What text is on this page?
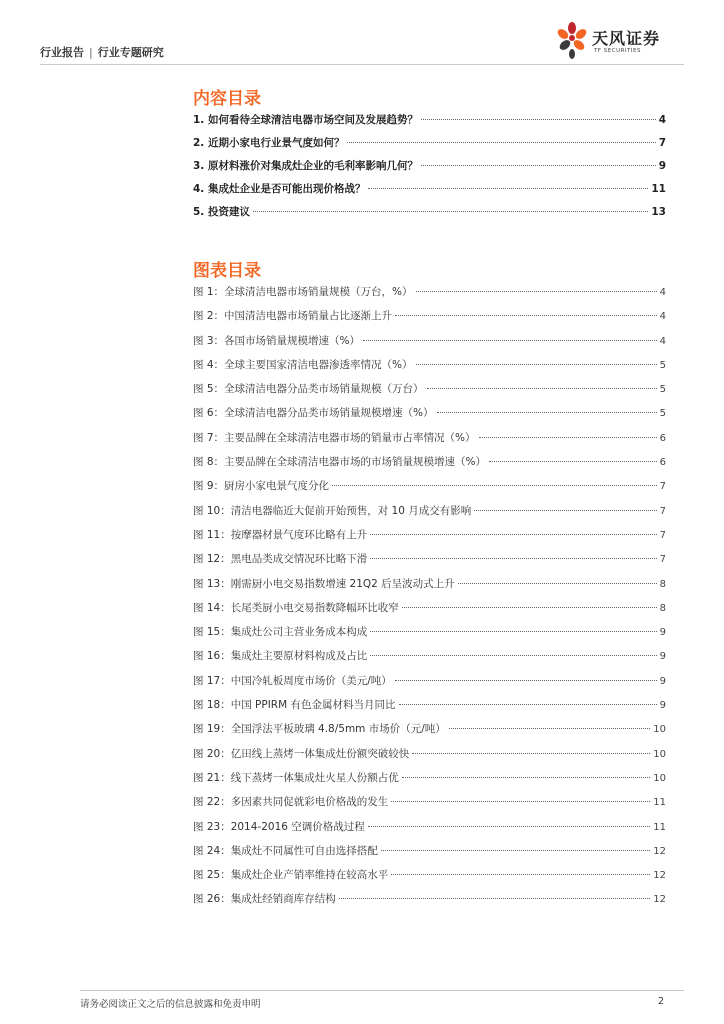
行业报告 | 行业专题研究
天风证券
TF SECURITIES
内容目录
1. 如何看待全球清洁电器市场空间及发展趋势？	4
2. 近期小家电行业景气度如何？	7
3. 原材料涨价对集成灶企业的毛利率影响几何？	9
4. 集成灶企业是否可能出现价格战？	11
5. 投资建议	13
图表目录
图 1：全球清洁电器市场销量规模（万台，%）	4
图 2：中国清洁电器市场销量占比逐渐上升	4
图 3：各国市场销量规模增速（%）	4
图 4：全球主要国家清洁电器渗透率情况（%）	5
图 5：全球清洁电器分品类市场销量规模（万台）	5
图 6：全球清洁电器分品类市场销量规模增速（%）	5
图 7：主要品牌在全球清洁电器市场的销量市占率情况（%）	6
图 8：主要品牌在全球清洁电器市场的市场销量规模增速（%）	6
图 9：厨房小家电景气度分化	7
图 10：清洁电器临近大促前开始预售，对 10 月成交有影响	7
图 11：按摩器材景气度环比略有上升	7
图 12：黑电品类成交情况环比略下滑	7
图 13：刚需厨小电交易指数增速 21Q2 后呈波动式上升	8
图 14：长尾类厨小电交易指数降幅环比收窄	8
图 15：集成灶公司主营业务成本构成	9
图 16：集成灶主要原材料构成及占比	9
图 17：中国冷轧板周度市场价（美元/吨）	9
图 18：中国 PPIRM 有色金属材料当月同比	9
图 19：全国浮法平板玻璃 4.8/5mm 市场价（元/吨）	10
图 20：亿田线上蒸烤一体集成灶份额突破较快	10
图 21：线下蒸烤一体集成灶火星人份额占优	10
图 22：多因素共同促就彩电价格战的发生	11
图 23：2014-2016 空调价格战过程	11
图 24：集成灶不同属性可自由选择搭配	12
图 25：集成灶企业产销率维持在较高水平	12
图 26：集成灶经销商库存结构	12
请务必阅读正文之后的信息披露和免责申明	2
